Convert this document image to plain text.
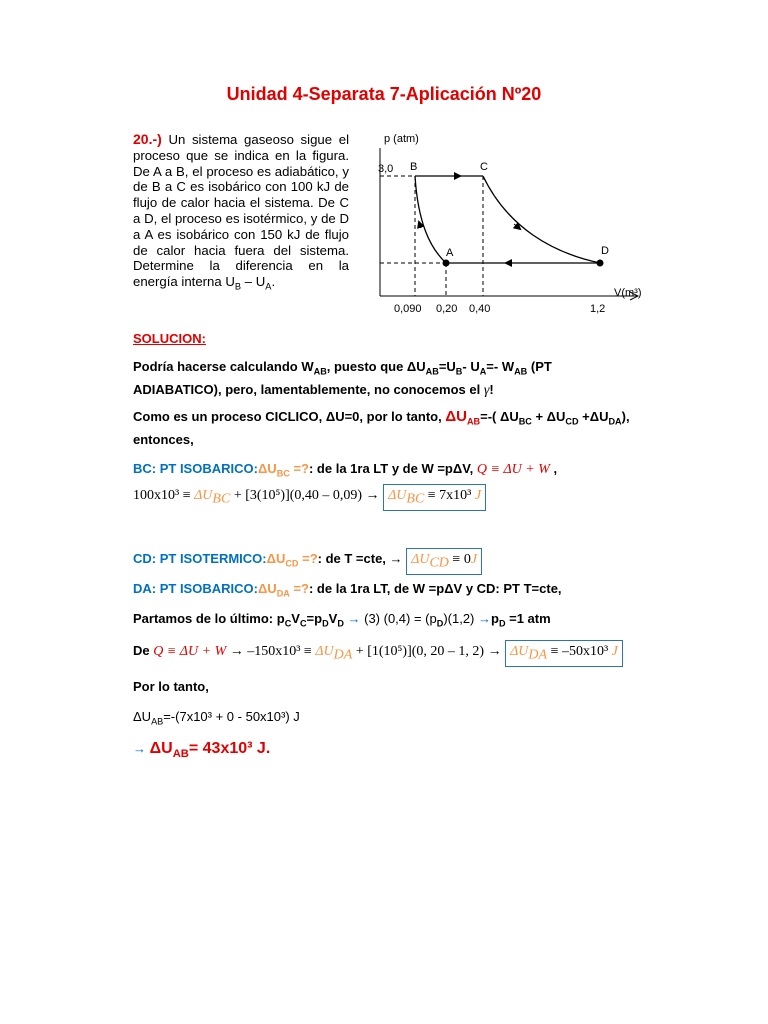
Unidad 4-Separata 7-Aplicación Nº20
20.-) Un sistema gaseoso sigue el proceso que se indica en la figura. De A a B, el proceso es adiabático, y de B a C es isobárico con 100 kJ de flujo de calor hacia el sistema. De C a D, el proceso es isotérmico, y de D a A es isobárico con 150 kJ de flujo de calor hacia fuera del sistema. Determine la diferencia en la energía interna $U_B - U_A$.
p (atm)
3,0 B	C
A	D
V(m³)
0,090 0,20 0,40	1,2
SOLUCION:
Podría hacerse calculando $W_{AB}$, puesto que $\Delta U_{AB}=U_B-$ $U_A=-$ $W_{AB}$ (PT ADIABATICO), pero, lamentablemente, no conocemos el γ!
Como es un proceso CICLICO, ΔU=0, por lo tanto, $\Delta U_{AB}=-$( $\Delta U_{BC} + \Delta U_{CD} +\Delta U_{DA}$), entonces,
BC: PT $ISOBARICO:\Delta U_{BC}$ =?: de la 1ra LT y de W =pΔV, Q ≡ ΔU + W ,
$100x10^3 \equiv \Delta U_{BC} + [3(10^5)](0,40 - 0,09) \to \Delta U_{BC} \equiv 7x10^3$ J
CD: PT $ISOTERMICO:\Delta U_{CD}$ =?: de T =cte, → $\Delta U_{CD} \equiv 0J$
DA: PT $ISOBARICO:\Delta U_{DA}$ =?: de la 1ra LT, de W =pΔV y CD: PT T=cte,
Partamos de lo último: $p_CV_C=p_DV_D \to (3) (0,4) = (p_D)(1,2) \to p_D =1$ atm
De $Q \equiv \Delta U + W \to -150x10^3 \equiv \Delta U_{DA} + [1(10^5)](0$, 20 – 1, $2) \to \Delta U_{DA} \equiv -50x10^3$ J
Por lo tanto,
$\Delta U_{AB}=-(7x10^3 + 0 - 50x10^3)$ J
→ $\Delta U_{AB}= 43x10^3$ J.
